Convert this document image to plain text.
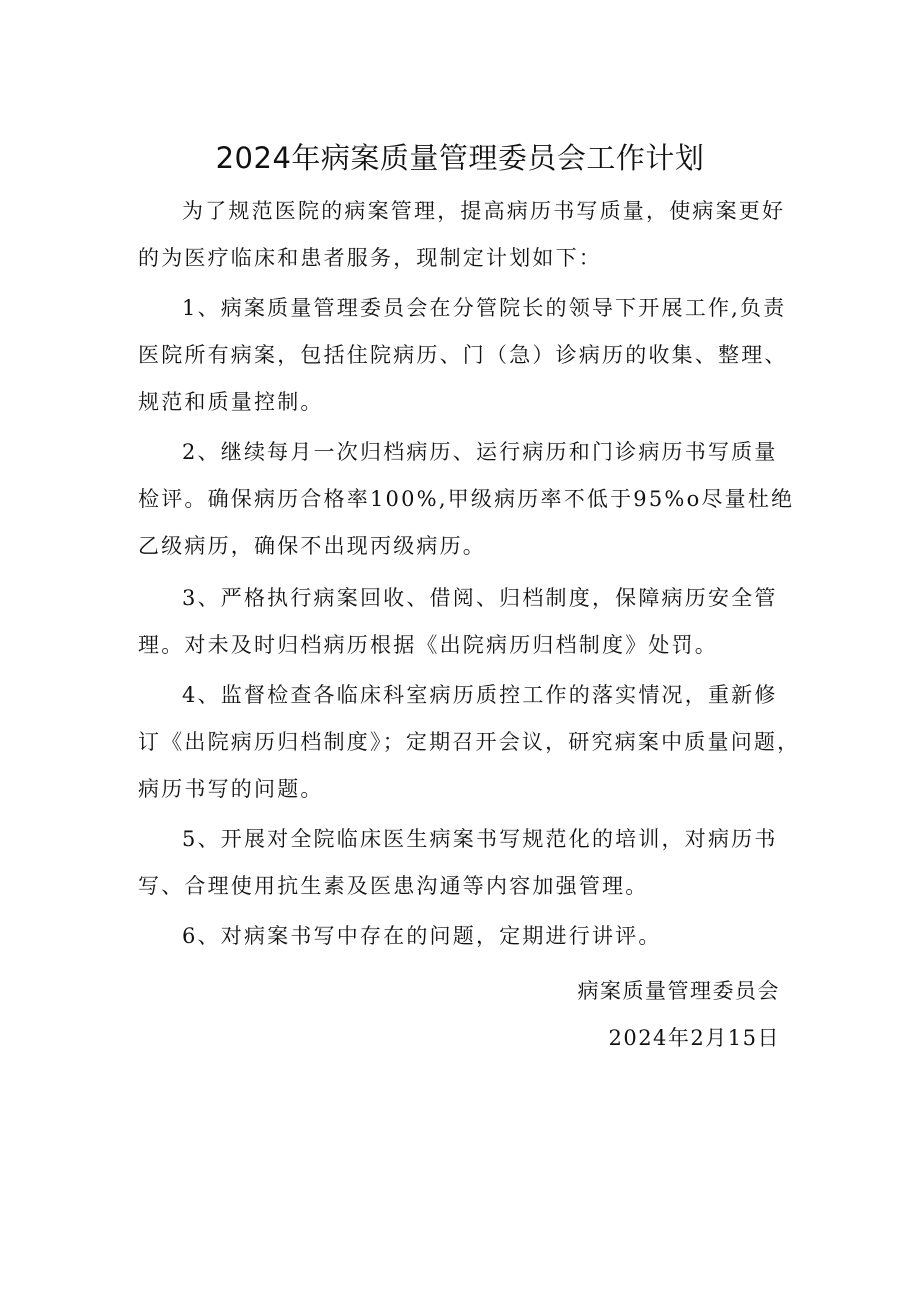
2024年病案质量管理委员会工作计划
为了规范医院的病案管理，提高病历书写质量，使病案更好
的为医疗临床和患者服务，现制定计划如下：
1、病案质量管理委员会在分管院长的领导下开展工作,负责
医院所有病案，包括住院病历、门（急）诊病历的收集、整理、
规范和质量控制。
2、继续每月一次归档病历、运行病历和门诊病历书写质量
检评。确保病历合格率100%,甲级病历率不低于95%o尽量杜绝
乙级病历，确保不出现丙级病历。
3、严格执行病案回收、借阅、归档制度，保障病历安全管
理。对未及时归档病历根据《出院病历归档制度》处罚。
4、监督检查各临床科室病历质控工作的落实情况，重新修
订《出院病历归档制度》；定期召开会议，研究病案中质量问题，
病历书写的问题。
5、开展对全院临床医生病案书写规范化的培训，对病历书
写、合理使用抗生素及医患沟通等内容加强管理。
6、对病案书写中存在的问题，定期进行讲评。
病案质量管理委员会
2024年2月15日
